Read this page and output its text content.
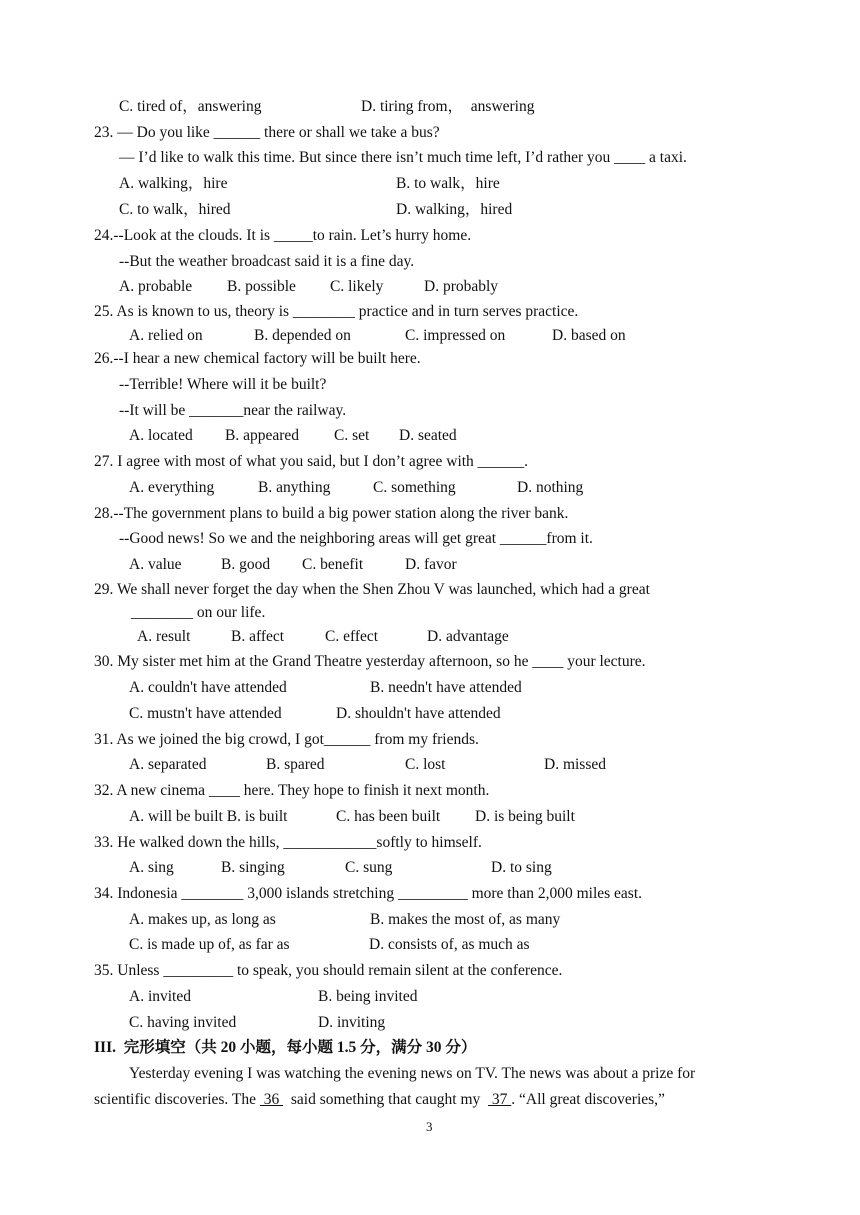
C. tired of，answering	D. tiring from，  answering
23. ― Do you like ______ there or shall we take a bus?
― I’d like to walk this time. But since there isn’t much time left, I’d rather you ____ a taxi.
A. walking，hire	B. to walk，hire
C. to walk，hired	D. walking，hired
24.--Look at the clouds. It is _____to rain. Let’s hurry home.
--But the weather broadcast said it is a fine day.
A. probable B. possible C. likely	D. probably
25. As is known to us, theory is ________ practice and in turn serves practice.
A. relied on	B. depended on	C. impressed on	D. based on
26.--I hear a new chemical factory will be built here.
--Terrible! Where will it be built?
--It will be _______near the railway.
A. located B. appeared C. set D. seated
27. I agree with most of what you said, but I don’t agree with ______.
A. everything	B. anything	C. something	D. nothing
28.--The government plans to build a big power station along the river bank.
--Good news! So we and the neighboring areas will get great ______from it.
A. value	B. good C. benefit	D. favor
29. We shall never forget the day when the Shen Zhou V was launched, which had a great
________ on our life.
A. result	B. affect	C. effect	D. advantage
30. My sister met him at the Grand Theatre yesterday afternoon, so he ____ your lecture.
A. couldn't have attended	B. needn't have attended
C. mustn't have attended	D. shouldn't have attended
31. As we joined the big crowd, I got______ from my friends.
A. separated	B. spared	C. lost	D. missed
32. A new cinema ____ here. They hope to finish it next month.
A. will be built B. is built	C. has been built D. is being built
33. He walked down the hills, ____________softly to himself.
A. sing	B. singing	C. sung	D. to sing
34. Indonesia ________ 3,000 islands stretching _________ more than 2,000 miles east.
A. makes up, as long as	B. makes the most of, as many
C. is made up of, as far as	D. consists of, as much as
35. Unless _________ to speak, you should remain silent at the conference.
A. invited	B. being invited
C. having invited	D. inviting
III.  完形填空（共 20 小题，每小题 1.5 分，满分 30 分）
Yesterday evening I was watching the evening news on TV. The news was about a prize for
scientific discoveries. The  36   said something that caught my   37 . “All great discoveries,”
3
